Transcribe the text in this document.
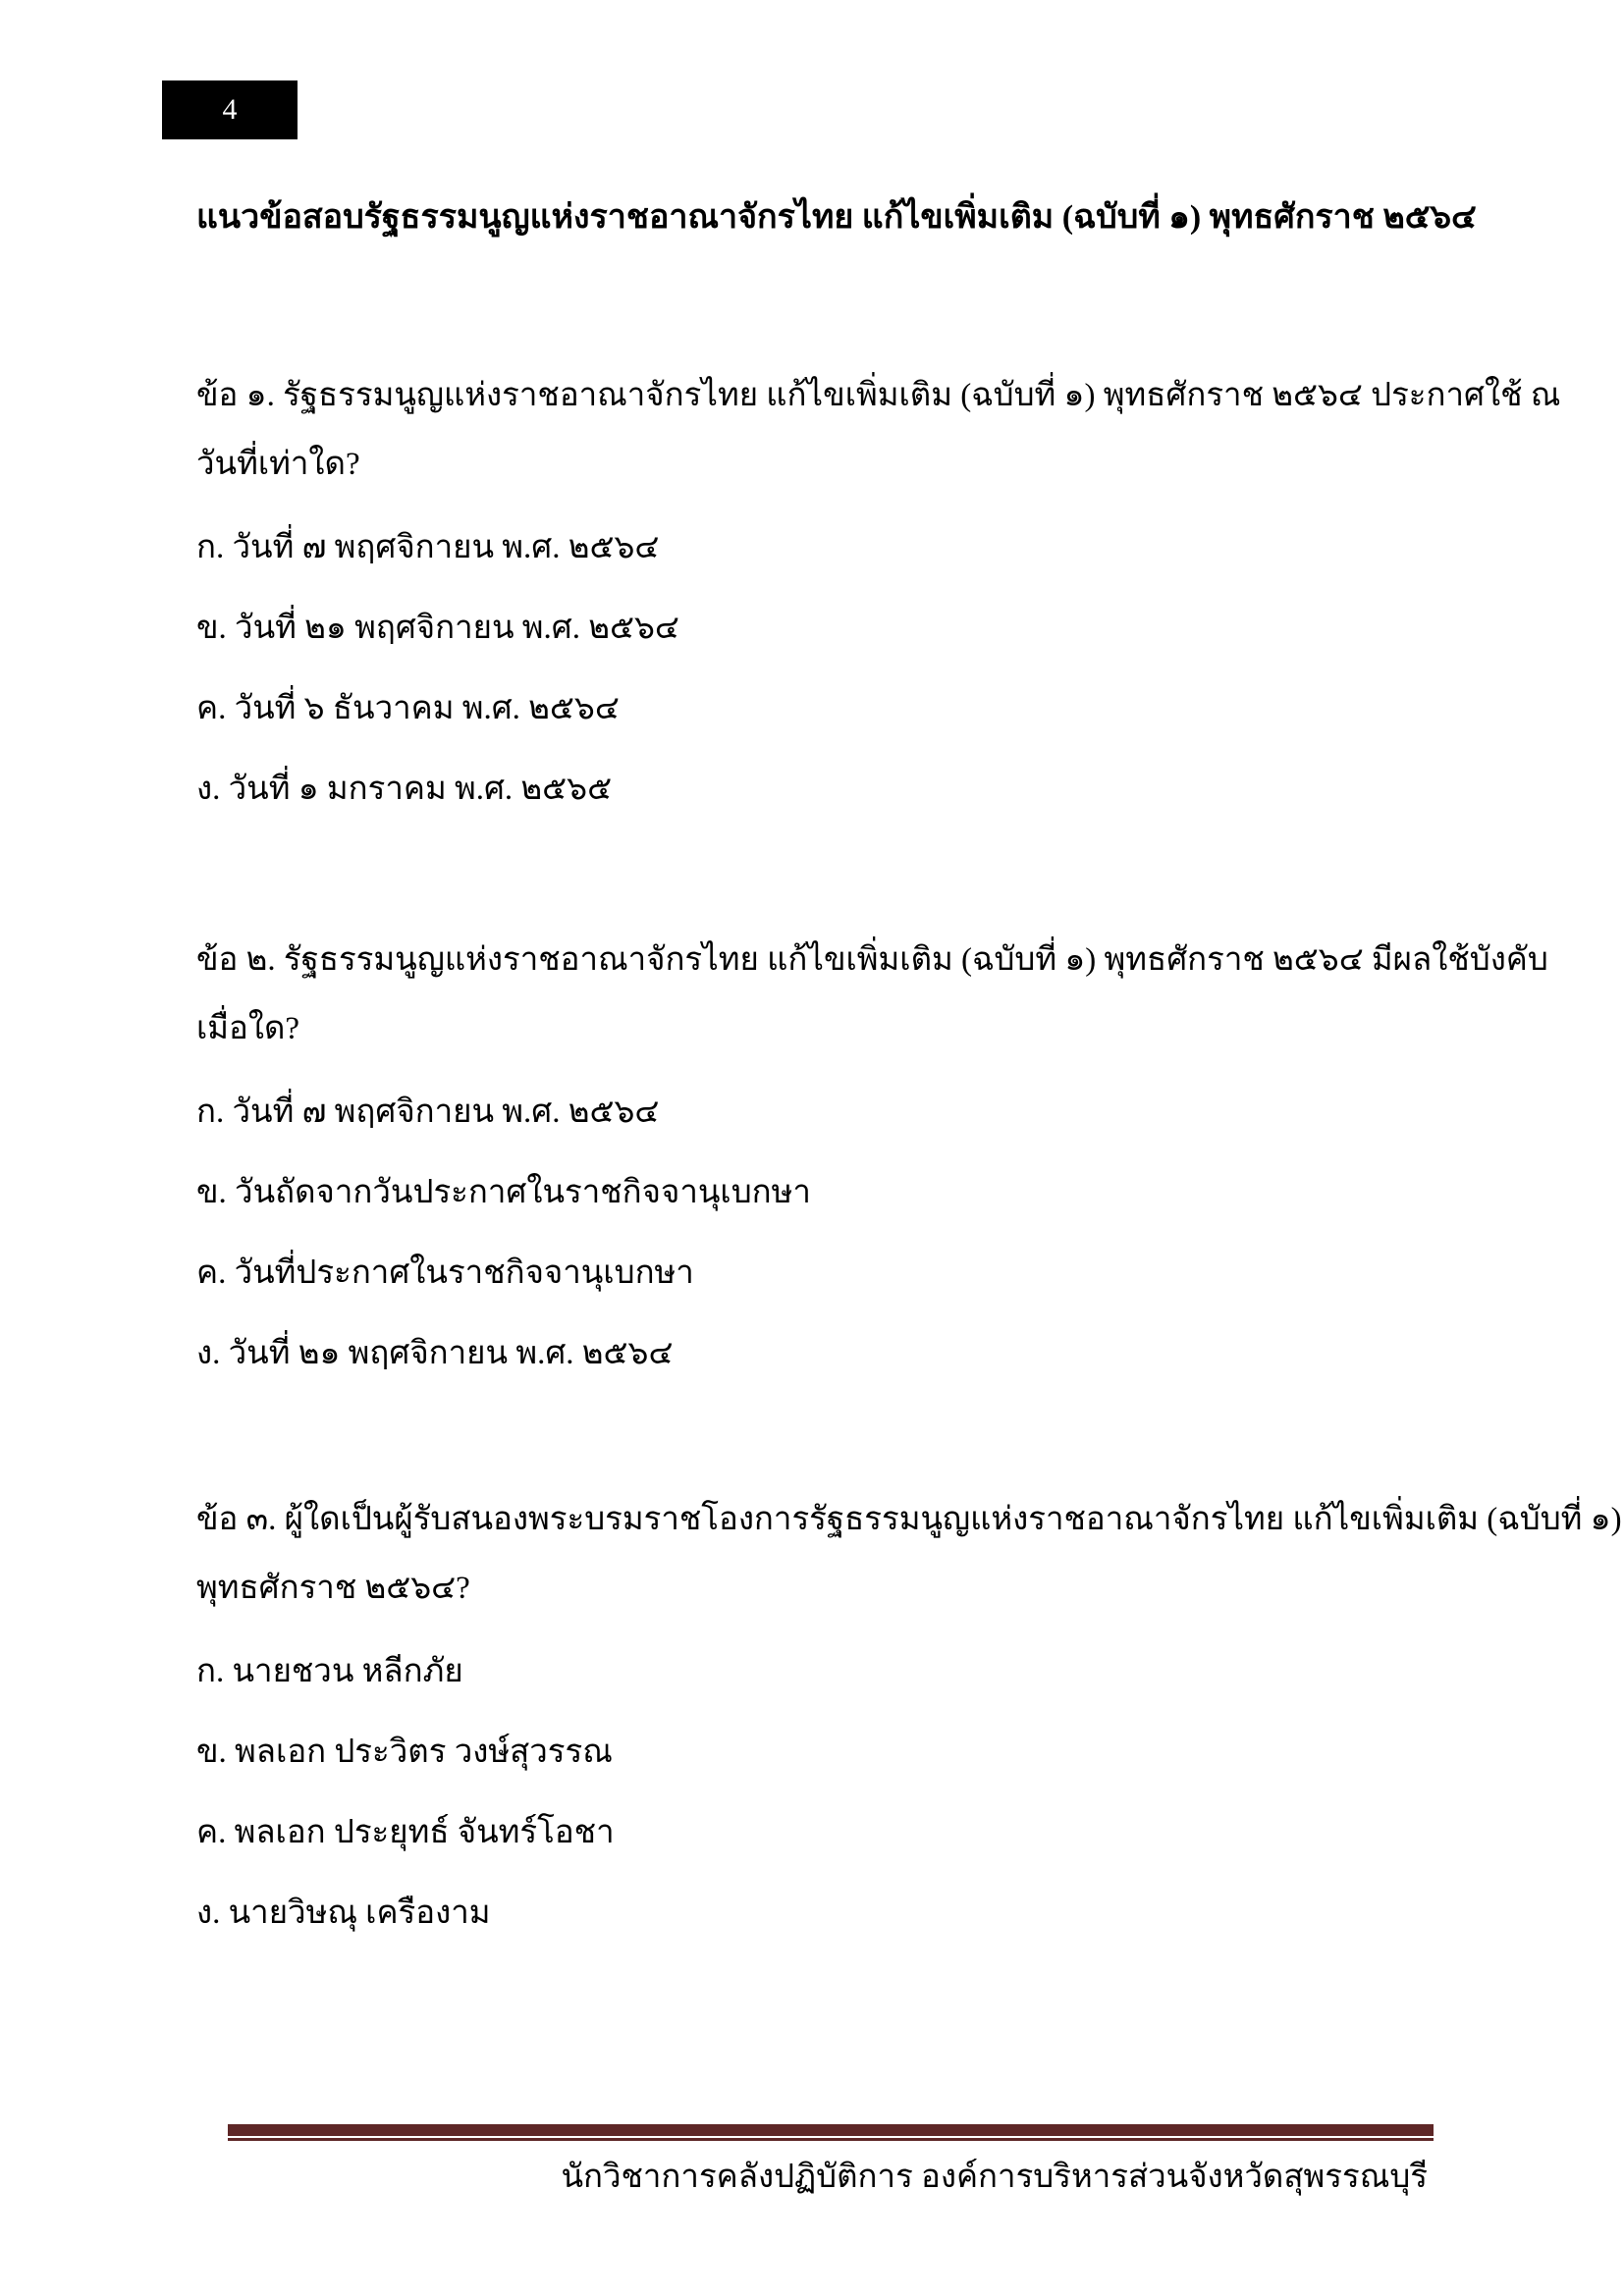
4
แนวข้อสอบรัฐธรรมนูญแห่งราชอาณาจักรไทย แก้ไขเพิ่มเติม (ฉบับที่ ๑) พุทธศักราช ๒๕๖๔
ข้อ ๑. รัฐธรรมนูญแห่งราชอาณาจักรไทย แก้ไขเพิ่มเติม (ฉบับที่ ๑) พุทธศักราช ๒๕๖๔ ประกาศใช้ ณ
วันที่เท่าใด?
ก. วันที่ ๗ พฤศจิกายน พ.ศ. ๒๕๖๔
ข. วันที่ ๒๑ พฤศจิกายน พ.ศ. ๒๕๖๔
ค. วันที่ ๖ ธันวาคม พ.ศ. ๒๕๖๔
ง. วันที่ ๑ มกราคม พ.ศ. ๒๕๖๕
ข้อ ๒. รัฐธรรมนูญแห่งราชอาณาจักรไทย แก้ไขเพิ่มเติม (ฉบับที่ ๑) พุทธศักราช ๒๕๖๔ มีผลใช้บังคับ
เมื่อใด?
ก. วันที่ ๗ พฤศจิกายน พ.ศ. ๒๕๖๔
ข. วันถัดจากวันประกาศในราชกิจจานุเบกษา
ค. วันที่ประกาศในราชกิจจานุเบกษา
ง. วันที่ ๒๑ พฤศจิกายน พ.ศ. ๒๕๖๔
ข้อ ๓. ผู้ใดเป็นผู้รับสนองพระบรมราชโองการรัฐธรรมนูญแห่งราชอาณาจักรไทย แก้ไขเพิ่มเติม (ฉบับที่ ๑)
พุทธศักราช ๒๕๖๔?
ก. นายชวน หลีกภัย
ข. พลเอก ประวิตร วงษ์สุวรรณ
ค. พลเอก ประยุทธ์ จันทร์โอชา
ง. นายวิษณุ เครืองาม
นักวิชาการคลังปฏิบัติการ องค์การบริหารส่วนจังหวัดสุพรรณบุรี
